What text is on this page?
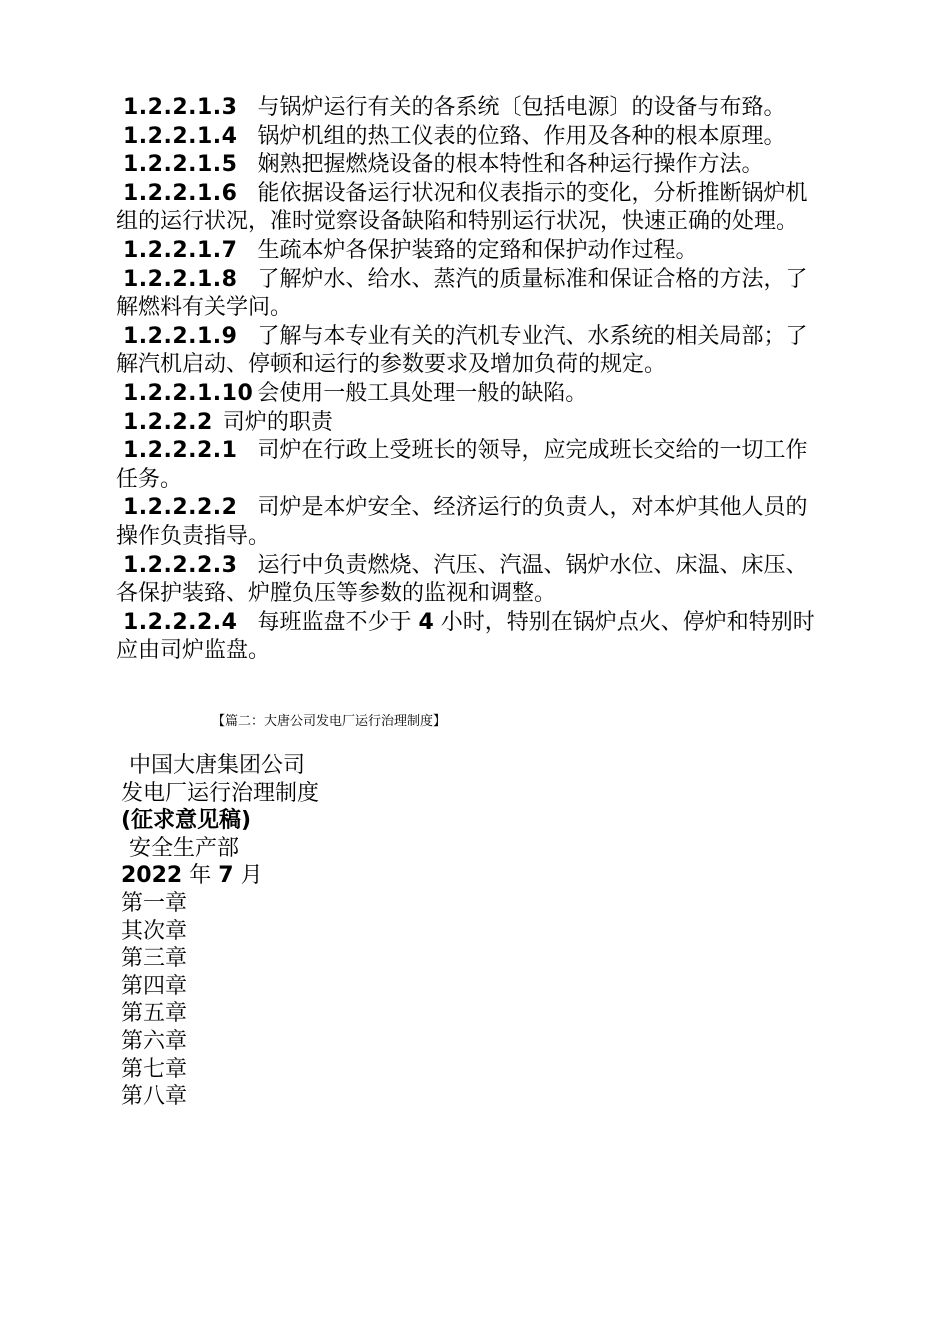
1.2.2.1.3 与锅炉运行有关的各系统〔包括电源〕的设备与布臵。

1.2.2.1.4 锅炉机组的热工仪表的位臵、作用及各种的根本原理。

1.2.2.1.5 娴熟把握燃烧设备的根本特性和各种运行操作方法。

1.2.2.1.6 能依据设备运行状况和仪表指示的变化，分析推断锅炉机 组的运行状况，准时觉察设备缺陷和特别运行状况，快速正确的处理。

1.2.2.1.7 生疏本炉各保护装臵的定臵和保护动作过程。

1.2.2.1.8 了解炉水、给水、蒸汽的质量标准和保证合格的方法，了 解燃料有关学问。

1.2.2.1.9 了解与本专业有关的汽机专业汽、水系统的相关局部；了 解汽机启动、停顿和运行的参数要求及增加负荷的规定。

1.2.2.1.10 会使用一般工具处理一般的缺陷。

1.2.2.2 司炉的职责

1.2.2.2.1 司炉在行政上受班长的领导，应完成班长交给的一切工作 任务。

1.2.2.2.2 司炉是本炉安全、经济运行的负责人，对本炉其他人员的 操作负责指导。

1.2.2.2.3 运行中负责燃烧、汽压、汽温、锅炉水位、床温、床压、 各保护装臵、炉膛负压等参数的监视和调整。

1.2.2.2.4 每班监盘不少于 4 小时，特别在锅炉点火、停炉和特别时应由司炉监盘。

【篇二：大唐公司发电厂运行治理制度】
中国大唐集团公司
发电厂运行治理制度
(征求意见稿)
安全生产部
2022 年 7 月
第一章
其次章
第三章
第四章
第五章
第六章
第七章
第八章
